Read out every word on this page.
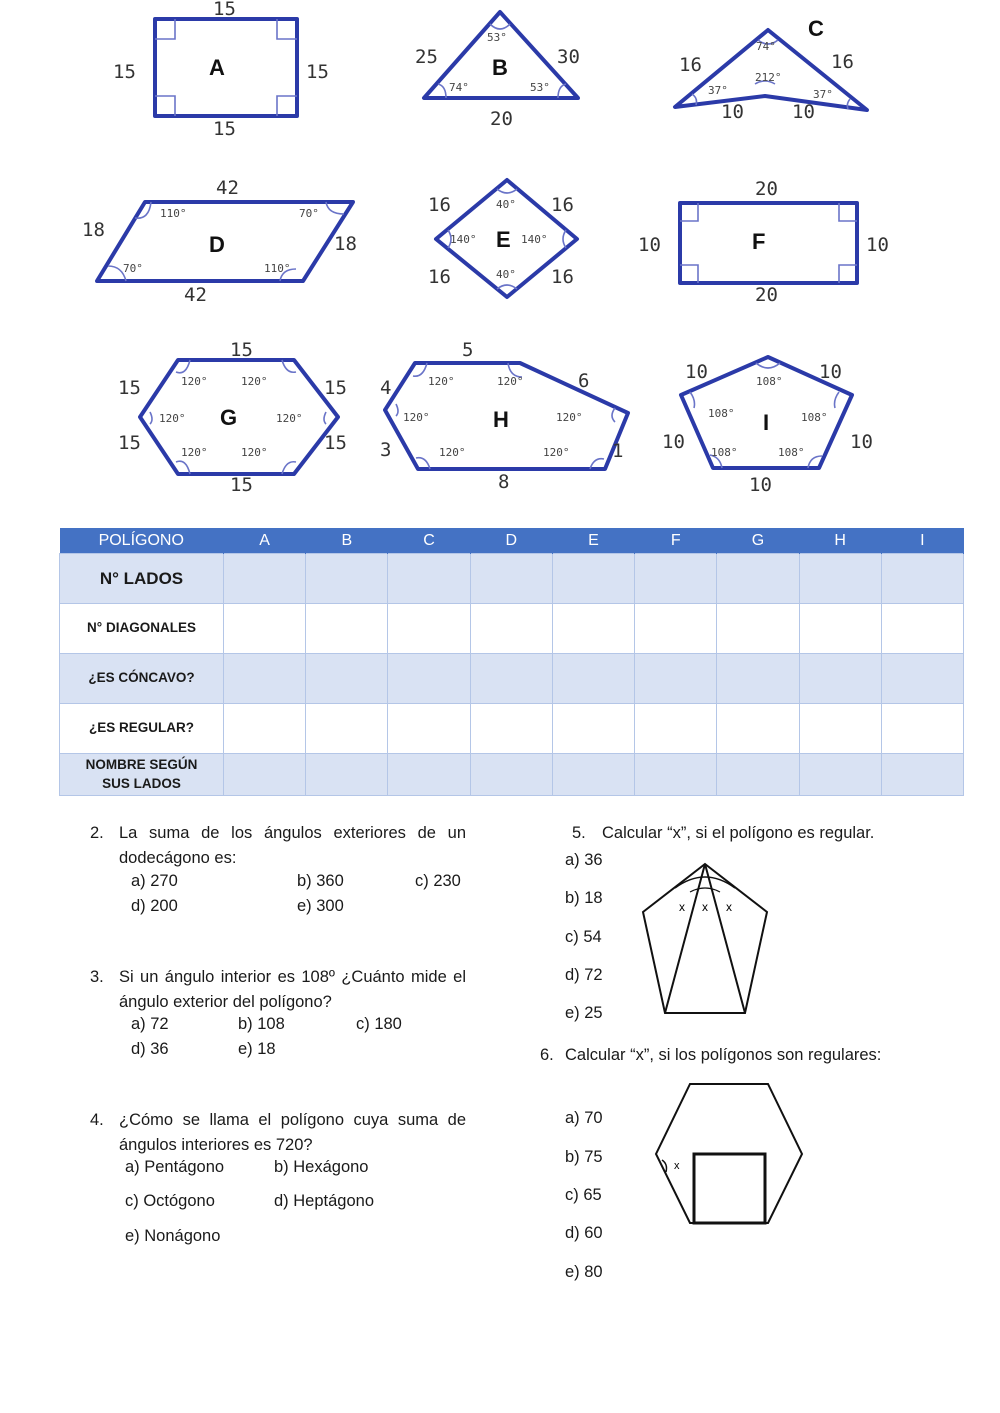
15
15	15
15
A
53°
74°	53°
25	30
20
B
74°
37°
212°
37°
16	16
10	10
C
110°	70°
70°	110°
42
18
18
42
D
40°
140°	140°
40°
16	16
16	16
E
20
10	10
20
F
120°	120°
120°	120°
120°	120°
15
15	15
15	15
15
G
120°	120°
120°	120°
120°	120°
5
4	6
3	1
8
H
108°
108°	108°
108°	108°
10	10
10	10
10
I
POLÍGONO	A	B	C	D	E	F	G	H	I
N° LADOS									
N° DIAGONALES									
¿ES CÓNCAVO?									
¿ES REGULAR?									
NOMBRE SEGÚN SUS LADOS									
2. La suma de los ángulos exteriores de un dodecágono es:
a) 270	b) 360	c) 230
d) 200	e) 300
3. Si un ángulo interior es 108º ¿Cuánto mide el ángulo exterior del polígono?
a) 72	b) 108	c) 180
d) 36	e) 18
4. ¿Cómo se llama el polígono cuya suma de ángulos interiores es 720?
a) Pentágono	b) Hexágono
c) Octógono	d) Heptágono
e) Nonágono
5. Calcular “x”, si el polígono es regular.
a) 36
b) 18
c) 54
d) 72
e) 25
x x x
6. Calcular “x”, si los polígonos son regulares:
a) 70
b) 75
c) 65
d) 60
e) 80
x
